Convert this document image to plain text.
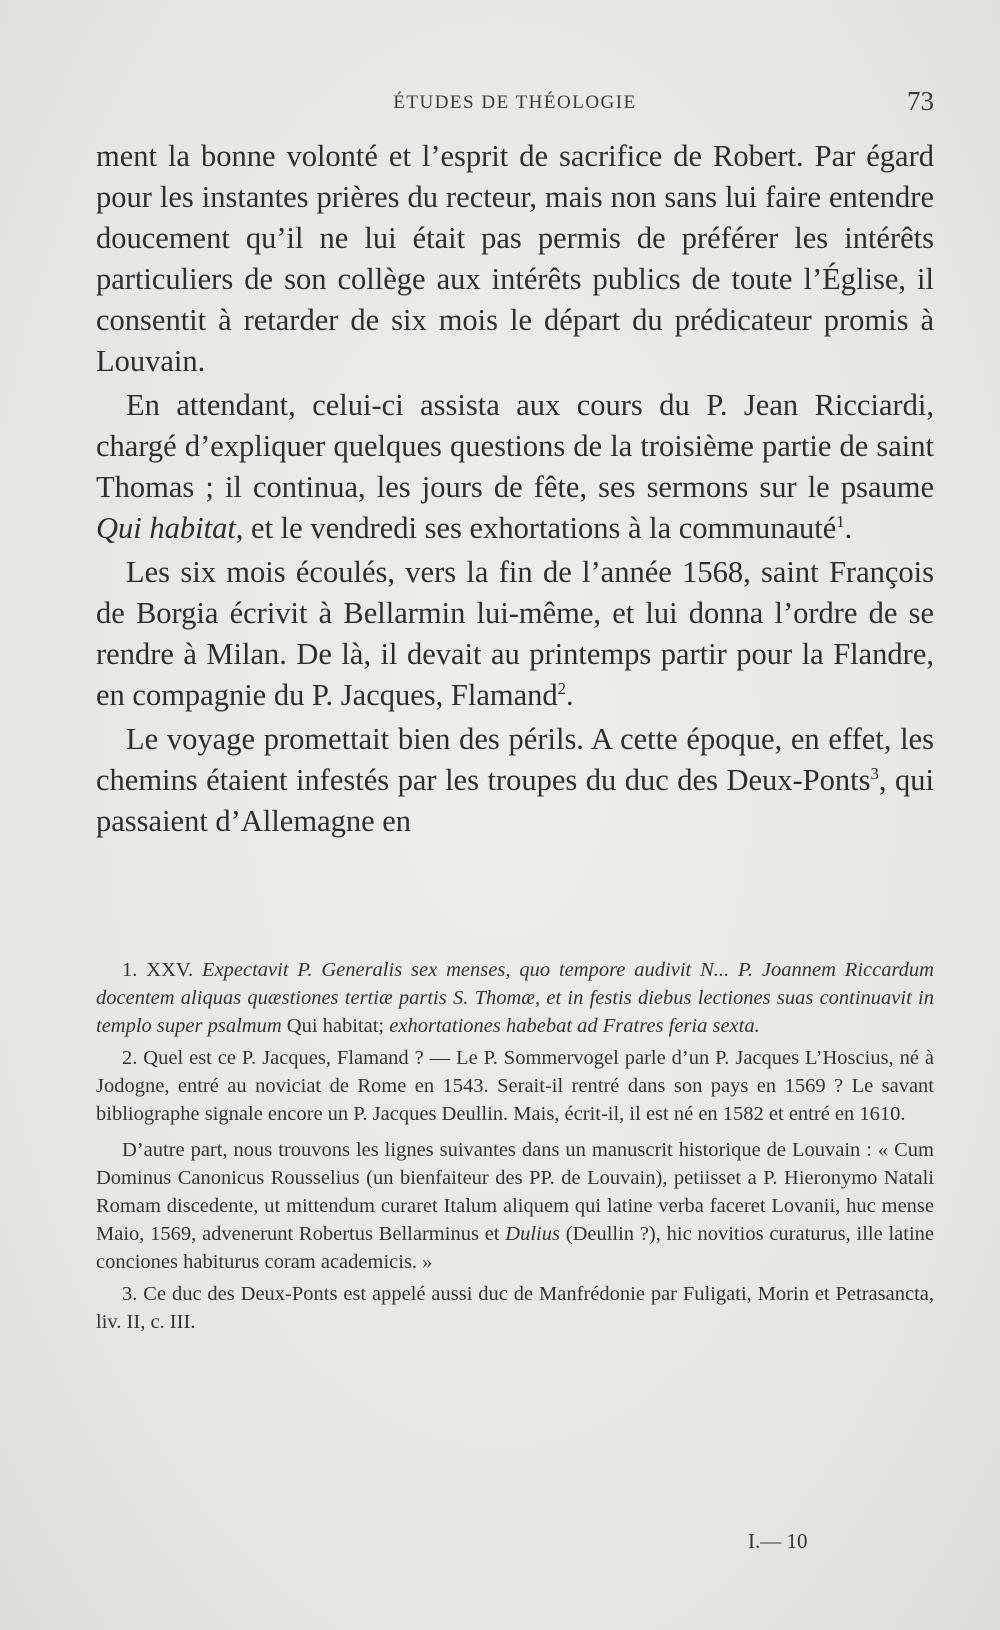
ÉTUDES DE THÉOLOGIE	73

ment la bonne volonté et l’esprit de sacrifice de Robert. Par égard pour les instantes prières du recteur, mais non sans lui faire entendre doucement qu’il ne lui était pas permis de préférer les intérêts particuliers de son collège aux intérêts publics de toute l’Église, il consentit à retarder de six mois le départ du prédicateur promis à Louvain.

En attendant, celui-ci assista aux cours du P. Jean Ricciardi, chargé d’expliquer quelques questions de la troisième partie de saint Thomas ; il continua, les jours de fête, ses sermons sur le psaume Qui habitat, et le vendredi ses exhortations à la communauté$^1$.

Les six mois écoulés, vers la fin de l’année 1568, saint François de Borgia écrivit à Bellarmin lui-même, et lui donna l’ordre de se rendre à Milan. De là, il devait au printemps partir pour la Flandre, en compagnie du P. Jacques, Flamand$^2$.

Le voyage promettait bien des périls. A cette époque, en effet, les chemins étaient infestés par les troupes du duc des Deux-Ponts$^3$, qui passaient d’Allemagne en

1. XXV. Expectavit P. Generalis sex menses, quo tempore audivit N... P. Joannem Riccardum docentem aliquas quæstiones tertiæ partis S. Thomæ, et in festis diebus lectiones suas continuavit in templo super psalmum Qui habitat; exhortationes habebat ad Fratres feria sexta.

2. Quel est ce P. Jacques, Flamand ? — Le P. Sommervogel parle d’un P. Jacques L’Hoscius, né à Jodogne, entré au noviciat de Rome en 1543. Serait-il rentré dans son pays en 1569 ? Le savant bibliographe signale encore un P. Jacques Deullin. Mais, écrit-il, il est né en 1582 et entré en 1610.

D’autre part, nous trouvons les lignes suivantes dans un manuscrit historique de Louvain : « Cum Dominus Canonicus Rousselius (un bienfaiteur des PP. de Louvain), petiisset a P. Hieronymo Natali Romam discedente, ut mittendum curaret Italum aliquem qui latine verba faceret Lovanii, huc mense Maio, 1569, advenerunt Robertus Bellarminus et Dulius (Deullin ?), hic novitios curaturus, ille latine conciones habiturus coram academicis. »

3. Ce duc des Deux-Ponts est appelé aussi duc de Manfrédonie par Fuligati, Morin et Petrasancta, liv. II, c. III.

I.— 10
